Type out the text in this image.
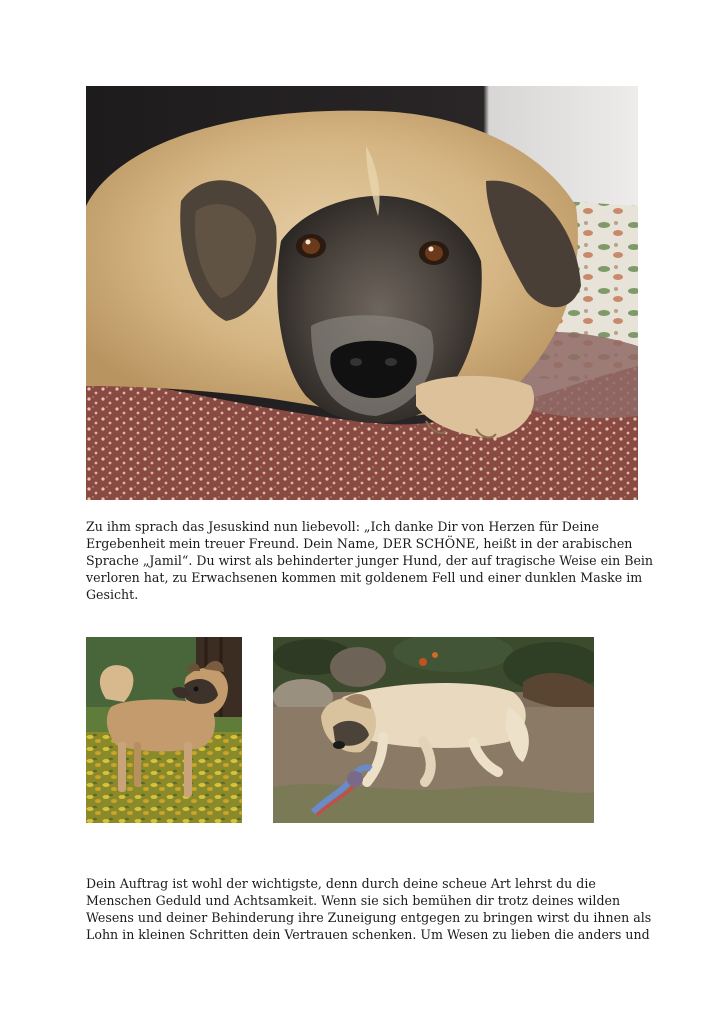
Zu ihm sprach das Jesuskind nun liebevoll: „Ich danke Dir von Herzen für Deine
Ergebenheit mein treuer Freund. Dein Name, DER SCHÖNE, heißt in der arabischen
Sprache „Jamil“. Du wirst als behinderter junger Hund, der auf tragische Weise ein Bein
verloren hat, zu Erwachsenen kommen mit goldenem Fell und einer dunklen Maske im
Gesicht.

Dein Auftrag ist wohl der wichtigste, denn durch deine scheue Art lehrst du die
Menschen Geduld und Achtsamkeit. Wenn sie sich bemühen dir trotz deines wilden
Wesens und deiner Behinderung ihre Zuneigung entgegen zu bringen wirst du ihnen als
Lohn in kleinen Schritten dein Vertrauen schenken. Um Wesen zu lieben die anders und
